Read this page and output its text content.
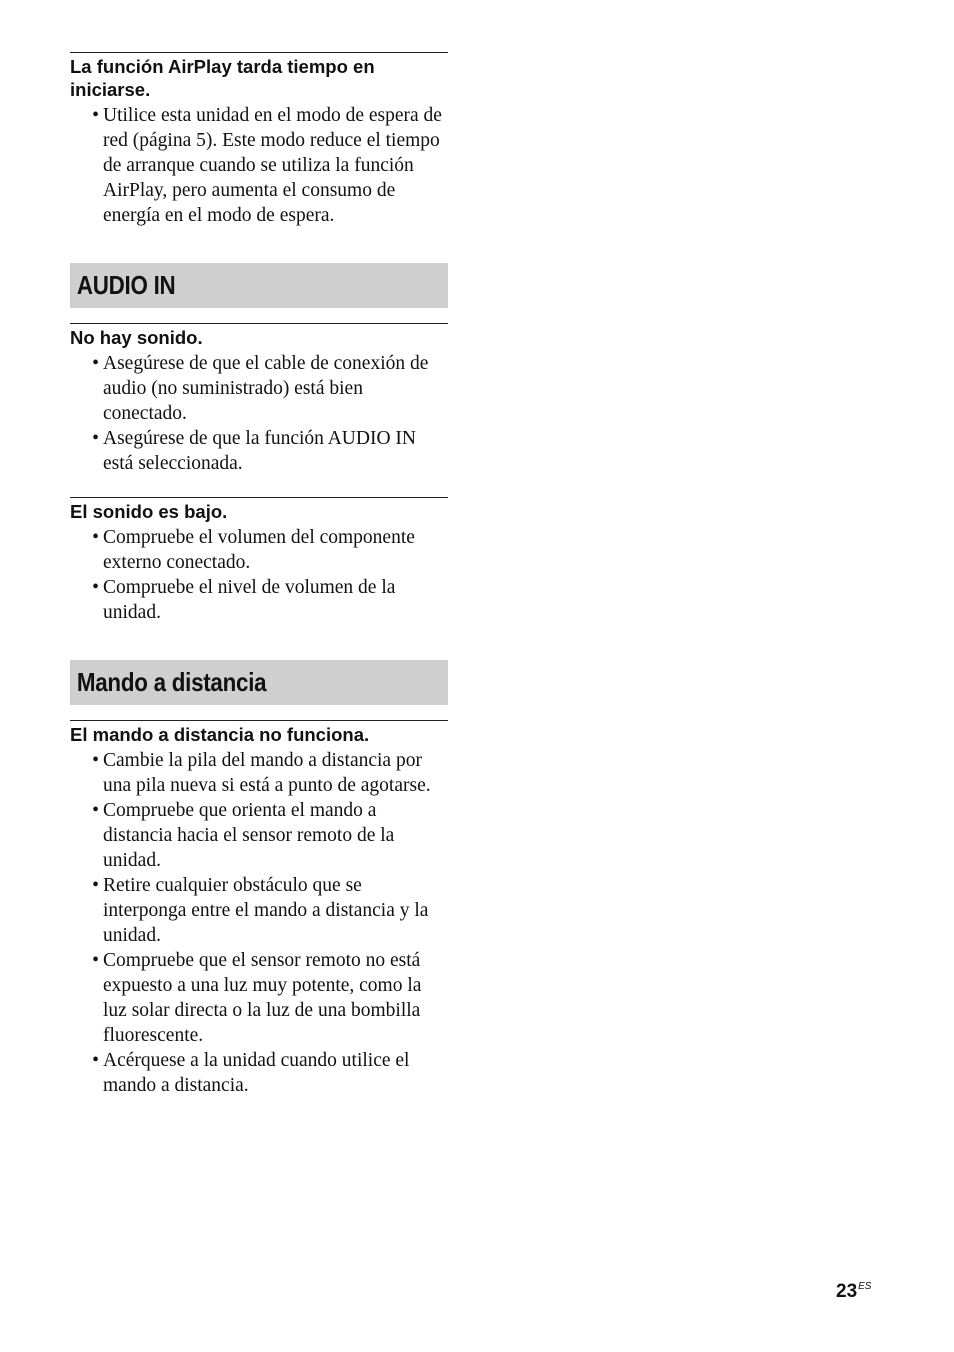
La función AirPlay tarda tiempo en iniciarse.
• Utilice esta unidad en el modo de espera de red (página 5). Este modo reduce el tiempo de arranque cuando se utiliza la función AirPlay, pero aumenta el consumo de energía en el modo de espera.
AUDIO IN
No hay sonido.
• Asegúrese de que el cable de conexión de audio (no suministrado) está bien conectado.
• Asegúrese de que la función AUDIO IN está seleccionada.
El sonido es bajo.
• Compruebe el volumen del componente externo conectado.
• Compruebe el nivel de volumen de la unidad.
Mando a distancia
El mando a distancia no funciona.
• Cambie la pila del mando a distancia por una pila nueva si está a punto de agotarse.
• Compruebe que orienta el mando a distancia hacia el sensor remoto de la unidad.
• Retire cualquier obstáculo que se interponga entre el mando a distancia y la unidad.
• Compruebe que el sensor remoto no está expuesto a una luz muy potente, como la luz solar directa o la luz de una bombilla fluorescente.
• Acérquese a la unidad cuando utilice el mando a distancia.
$23^{ES}$
